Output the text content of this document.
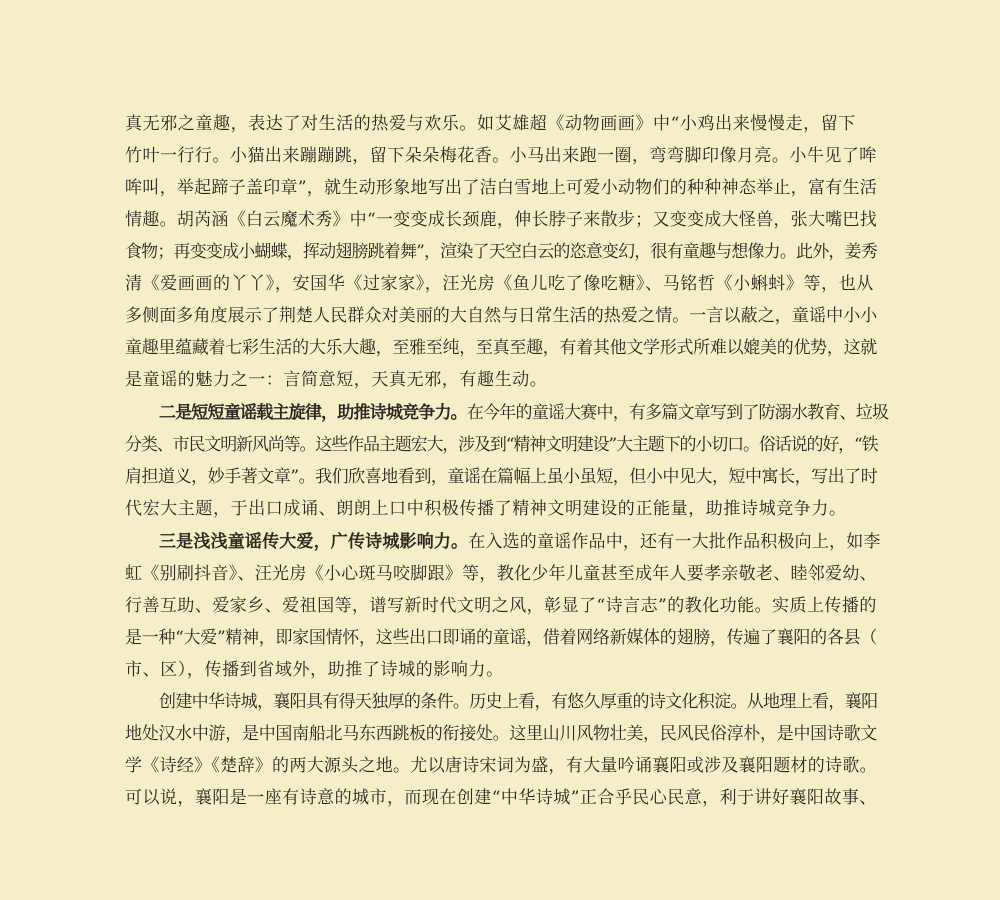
真无邪之童趣，表达了对生活的热爱与欢乐。如艾雄超《动物画画》中“小鸡出来慢慢走，留下
竹叶一行行。小猫出来蹦蹦跳，留下朵朵梅花香。小马出来跑一圈，弯弯脚印像月亮。小牛见了哞
哞叫，举起蹄子盖印章”，就生动形象地写出了洁白雪地上可爱小动物们的种种神态举止，富有生活
情趣。胡芮涵《白云魔术秀》中“一变变成长颈鹿，伸长脖子来散步；又变变成大怪兽，张大嘴巴找
食物；再变变成小蝴蝶，挥动翅膀跳着舞”，渲染了天空白云的恣意变幻，很有童趣与想像力。此外，姜秀
清《爱画画的丫丫》，安国华《过家家》，汪光房《鱼儿吃了像吃糖》、马铭哲《小蝌蚪》等，也从
多侧面多角度展示了荆楚人民群众对美丽的大自然与日常生活的热爱之情。一言以蔽之，童谣中小小
童趣里蕴藏着七彩生活的大乐大趣，至雅至纯，至真至趣，有着其他文学形式所难以媲美的优势，这就
是童谣的魅力之一：言简意短，天真无邪，有趣生动。
二是短短童谣载主旋律，助推诗城竞争力。在今年的童谣大赛中，有多篇文章写到了防溺水教育、垃圾
分类、市民文明新风尚等。这些作品主题宏大，涉及到“精神文明建设”大主题下的小切口。俗话说的好，“铁
肩担道义，妙手著文章”。我们欣喜地看到，童谣在篇幅上虽小虽短，但小中见大，短中寓长，写出了时
代宏大主题，于出口成诵、朗朗上口中积极传播了精神文明建设的正能量，助推诗城竞争力。
三是浅浅童谣传大爱，广传诗城影响力。在入选的童谣作品中，还有一大批作品积极向上，如李
虹《别刷抖音》、汪光房《小心斑马咬脚跟》等，教化少年儿童甚至成年人要孝亲敬老、睦邻爱幼、
行善互助、爱家乡、爱祖国等，谱写新时代文明之风，彰显了“诗言志”的教化功能。实质上传播的
是一种“大爱”精神，即家国情怀，这些出口即诵的童谣，借着网络新媒体的翅膀，传遍了襄阳的各县（
市、区），传播到省域外，助推了诗城的影响力。
创建中华诗城，襄阳具有得天独厚的条件。历史上看，有悠久厚重的诗文化积淀。从地理上看，襄阳
地处汉水中游，是中国南船北马东西跳板的衔接处。这里山川风物壮美，民风民俗淳朴，是中国诗歌文
学《诗经》《楚辞》的两大源头之地。尤以唐诗宋词为盛，有大量吟诵襄阳或涉及襄阳题材的诗歌。
可以说，襄阳是一座有诗意的城市，而现在创建“中华诗城”正合乎民心民意，利于讲好襄阳故事、
